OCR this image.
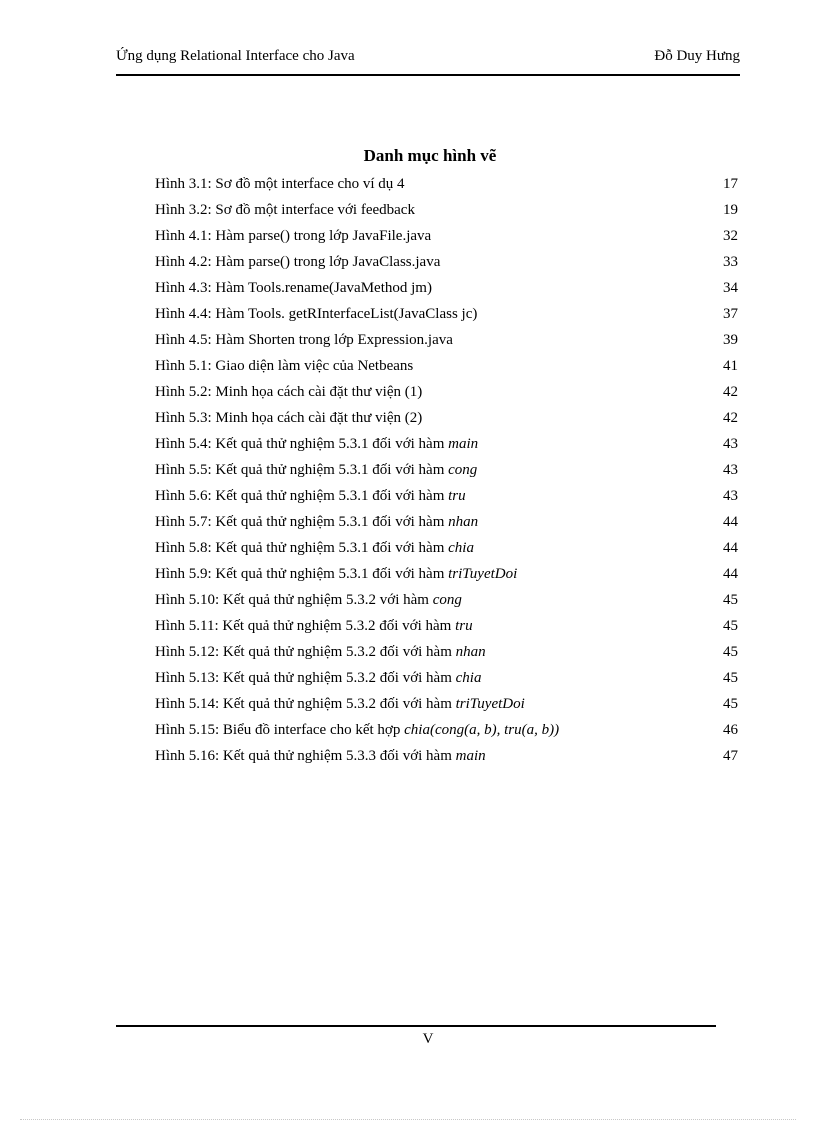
Ứng dụng Relational Interface cho Java	Đỗ Duy Hưng
Danh mục hình vẽ
Hình 3.1: Sơ đồ một interface cho ví dụ 4	17
Hình 3.2: Sơ đồ một interface với feedback	19
Hình 4.1: Hàm parse() trong lớp JavaFile.java	32
Hình 4.2: Hàm parse() trong lớp JavaClass.java	33
Hình 4.3: Hàm Tools.rename(JavaMethod jm)	34
Hình 4.4: Hàm Tools. getRInterfaceList(JavaClass jc)	37
Hình 4.5: Hàm Shorten trong lớp Expression.java	39
Hình 5.1: Giao diện làm việc của Netbeans	41
Hình 5.2: Minh họa cách cài đặt thư viện (1)	42
Hình 5.3: Minh họa cách cài đặt thư viện (2)	42
Hình 5.4: Kết quả thử nghiệm 5.3.1 đối với hàm main	43
Hình 5.5: Kết quả thử nghiệm 5.3.1 đối với hàm cong	43
Hình 5.6: Kết quả thử nghiệm 5.3.1 đối với hàm tru	43
Hình 5.7: Kết quả thử nghiệm 5.3.1 đối với hàm nhan	44
Hình 5.8: Kết quả thử nghiệm 5.3.1 đối với hàm chia	44
Hình 5.9: Kết quả thử nghiệm 5.3.1 đối với hàm triTuyetDoi	44
Hình 5.10: Kết quả thử nghiệm 5.3.2 với hàm cong	45
Hình 5.11: Kết quả thử nghiệm 5.3.2 đối với hàm tru	45
Hình 5.12: Kết quả thử nghiệm 5.3.2 đối với hàm nhan	45
Hình 5.13: Kết quả thử nghiệm 5.3.2 đối với hàm chia	45
Hình 5.14: Kết quả thử nghiệm 5.3.2 đối với hàm triTuyetDoi	45
Hình 5.15: Biểu đồ interface cho kết hợp chia(cong(a, b), tru(a, b))	46
Hình 5.16: Kết quả thử nghiệm 5.3.3 đối với hàm main	47
V
